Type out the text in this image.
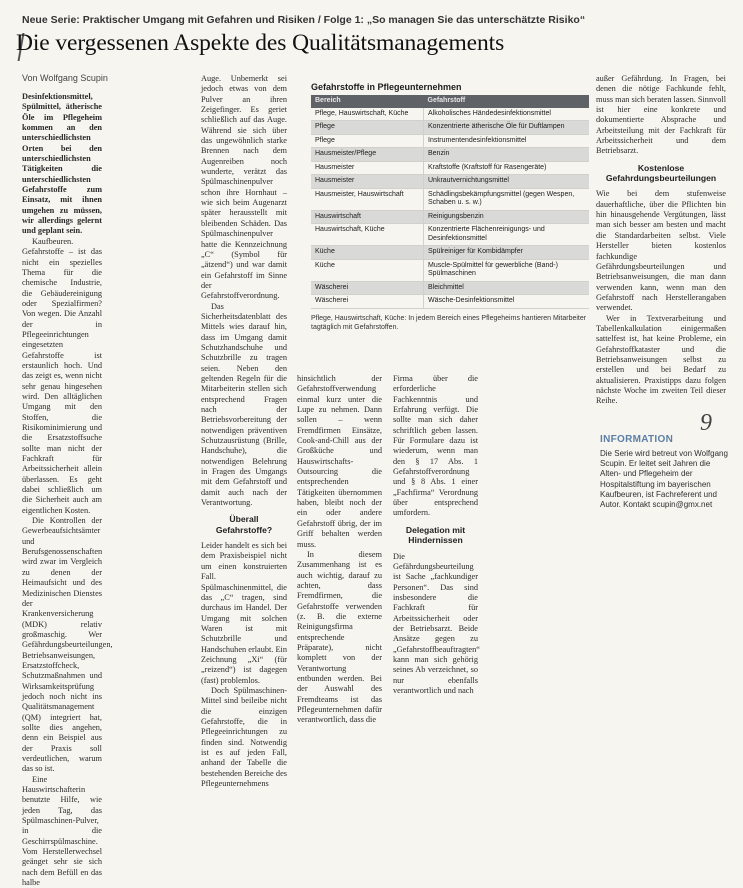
Neue Serie: Praktischer Umgang mit Gefahren und Risiken / Folge 1: „So managen Sie das unterschätzte Risiko“
Die vergessenen Aspekte des Qualitätsmanagements
Von Wolfgang Scupin

Desinfektionsmittel, Spülmittel, ätherische Öle im Pflegeheim kommen an den unterschiedlichsten Orten bei den unterschiedlichsten Tätigkeiten die unterschiedlichsten Gefahrstoffe zum Einsatz, mit ihnen umgehen zu müssen, wir allerdings gelernt und geplant sein.

Kaufbeuren. Gefahrstoffe – ist das nicht ein spezielles Thema für die chemische Industrie, die Gebäudereinigung oder Spezialfirmen? Von wegen. Die Anzahl der in Pflegeeinrichtungen eingesetzten Gefahrstoffe ist erstaunlich hoch. Und das zeigt es, wenn nicht sehr genau hingesehen wird. Den alltäglichen Umgang mit den Stoffen, die Risikominimierung und die Ersatzstoffsuche sollte man nicht der Fachkraft für Arbeitssicherheit allein überlassen. Es geht dabei schließlich um die Sicherheit auch am eigentlichen Kosten.

Die Kontrollen der Gewerbeaufsichtsämter und Berufsgenossenschaften wird zwar im Vergleich zu denen der Heimaufsicht und des Medizinischen Dienstes der Krankenversicherung (MDK) relativ großmaschig. Wer Gefährdungsbeurteilungen, Betriebsanweisungen, Ersatzstoffcheck, Schutzmaßnahmen und Wirksamkeitsprüfung jedoch noch nicht ins Qualitätsmanagement (QM) integriert hat, sollte dies angehen, denn ein Beispiel aus der Praxis soll verdeutlichen, warum das so ist.

Eine Hauswirtschafterin benutzte Hilfe, wie jeden Tag, das Spülmaschinen-Pulver, in die Geschirrspülmaschine. Vom Herstellerwechsel geänget sehr sie sich nach dem Befüll en das halbe

Auge. Unbemerkt sei jedoch etwas von dem Pulver an ihren Zeigefinger. Es geriet schließlich auf das Auge. Während sie sich über das ungewöhnlich starke Brennen nach dem Augenreiben noch wunderte, verätzt das Spülmaschinenpulver schon ihre Hornhaut – wie sich beim Augenarzt später herausstellt mit bleibenden Schäden. Das Spülmaschinenpulver hatte die Kennzeichnung „C“ (Symbol für „ätzend“) und war damit ein Gefahrstoff im Sinne der Gefahrstoffverordnung.

Das Sicherheitsdatenblatt des Mittels wies darauf hin, dass im Umgang damit Schutzhandschuhe und Schutzbrille zu tragen seien. Neben den geltenden Regeln für die Mitarbeiterin stellen sich entsprechend Fragen nach der Betriebsvorbereitung der notwendigen präventiven Schutzausrüstung (Brille, Handschuhe), die notwendigen Belehrung in Fragen des Umgangs mit dem Gefahrstoff und damit auch nach der Verantwortung.

Überall Gefahrstoffe?

Leider handelt es sich bei dem Praxisbeispiel nicht um einen konstruierten Fall. Spülmaschinenmittel, die das „C“ tragen, sind durchaus im Handel. Der Umgang mit solchen Waren ist mit Schutzbrille und Handschuhen erlaubt. Ein Zeichnung „Xi“ (für „reizend“) ist dagegen (fast) problemlos.

Doch Spülmaschinen-Mittel sind beileibe nicht die einzigen Gefahrstoffe, die in Pflegeeinrichtungen zu finden sind. Notwendig ist es auf jeden Fall, anhand der Tabelle die bestehenden Bereiche des Pflegeunternehmens

Gefahrstoffe in Pflegeunternehmen
Bereich	Gefahrstoff
Pflege, Hauswirtschaft, Küche	Alkoholisches Händedesinfektionsmittel
Pflege	Konzentrierte ätherische Öle für Duftlampen
Pflege	Instrumentendesinfektionsmittel
Hausmeister/Pflege	Benzin
Hausmeister	Kraftstoffe (Kraftstoff für Rasengeräte)
Hausmeister	Unkrautvernichtungsmittel
Hausmeister, Hauswirtschaft	Schädlingsbekämpfungsmittel (gegen Wespen, Schaben u. s. w.)
Hauswirtschaft	Reinigungsbenzin
Hauswirtschaft, Küche	Konzentrierte Flächenreinigungs- und Desinfektionsmittel
Küche	Spülreiniger für Kombidämpfer
Küche	Muscle-Spülmittel für gewerbliche (Band-) Spülmaschinen
Wäscherei	Bleichmittel
Wäscherei	Wäsche-Desinfektionsmittel
Pflege, Hauswirtschaft, Küche: In jedem Bereich eines Pflegeheims hantieren Mitarbeiter tagtäglich mit Gefahrstoffen.

hinsichtlich der Gefahrstoffverwendung einmal kurz unter die Lupe zu nehmen. Dann sollen – wenn Fremdfirmen Einsätze, Cook-and-Chill aus der Großküche und Hauswirtschafts-Outsourcing die entsprechenden Tätigkeiten übernommen haben, bleibt noch der ein oder andere Gefahrstoff übrig, der im Griff behalten werden muss.

In diesem Zusammenhang ist es auch wichtig, darauf zu achten, dass Fremdfirmen, die Gefahrstoffe verwenden (z. B. die externe Reinigungsfirma entsprechende Präparate), nicht komplett von der Verantwortung entbunden werden. Bei der Auswahl des Fremdteams ist das Pflegeunternehmen dafür verantwortlich, dass die

Firma über die erforderliche Fachkenntnis und Erfahrung verfügt. Die sollte man sich daher schriftlich geben lassen. Für Formulare dazu ist wiederum, wenn man den § 17 Abs. 1 Gefahrstoffverordnung und § 8 Abs. 1 einer „Fachfirma“ Verordnung über entsprechend umfordern.

Delegation mit Hindernissen

Die Gefährdungsbeurteilung ist Sache „fachkundiger Personen“. Das sind insbesondere die Fachkraft für Arbeitssicherheit oder der Betriebsarzt. Beide Ansätze gegen zu „Gefahrstoffbeauftragten“ kann man sich gehörig seines Ab verzeichnet, so nur ebenfalls verantwortlich und nach

außer Gefährdung. In Fragen, bei denen die nötige Fachkunde fehlt, muss man sich beraten lassen. Sinnvoll ist hier eine konkrete und dokumentierte Absprache und Arbeitsteilung mit der Fachkraft für Arbeitssicherheit und dem Betriebsarzt.

Kostenlose Gefahrdungsbeurteilungen

Wie bei dem stufenweise dauerhaftliche, über die Pflichten bin hin hinausgehende Vergütungen, lässt man sich besser am besten und macht die Standardarbeiten selbst. Viele Hersteller bieten kostenlos fachkundige Gefährdungsbeurteilungen und Betriebsanweisungen, die man dann verwenden kann, wenn man den Gefahrstoff nach Herstellerangaben verwendet.

Wer in Textverarbeitung und Tabellenkalkulation einigermaßen sattelfest ist, hat keine Probleme, ein Gefahrstoffkataster und die Betriebsanweisungen selbst zu erstellen und bei Bedarf zu aktualisieren. Praxistipps dazu folgen nächste Woche im zweiten Teil dieser Reihe.

9
INFORMATION
Die Serie wird betreut von Wolfgang Scupin. Er leitet seit Jahren die Alten- und Pflegeheim der Hospitalstiftung im bayerischen Kaufbeuren, ist Fachreferent und Autor. Kontakt scupin@gmx.net
